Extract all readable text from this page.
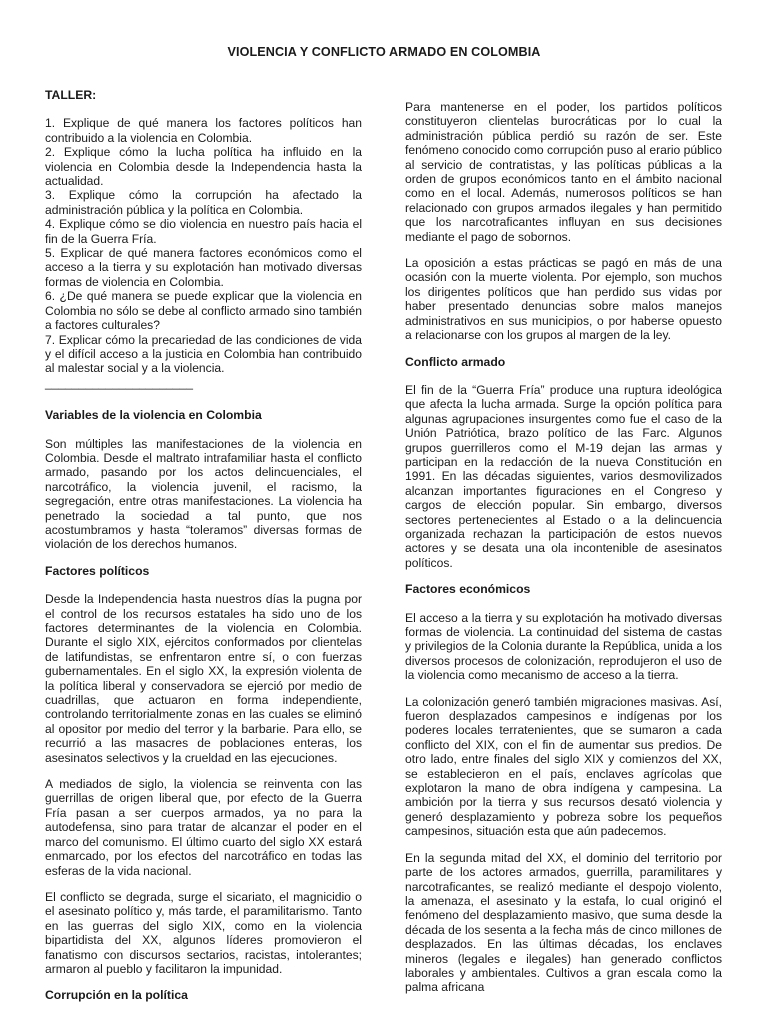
VIOLENCIA Y CONFLICTO ARMADO EN COLOMBIA
TALLER:
1. Explique de qué manera los factores políticos han contribuido a la violencia en Colombia.
2. Explique cómo la lucha política ha influido en la violencia en Colombia desde la Independencia hasta la actualidad.
3. Explique cómo la corrupción ha afectado la administración pública y la política en Colombia.
4. Explique cómo se dio violencia en nuestro país hacia el fin de la Guerra Fría.
5. Explicar de qué manera factores económicos como el acceso a la tierra y su explotación han motivado diversas formas de violencia en Colombia.
6. ¿De qué manera se puede explicar que la violencia en Colombia no sólo se debe al conflicto armado sino también a factores culturales?
7. Explicar cómo la precariedad de las condiciones de vida y el difícil acceso a la justicia en Colombia han contribuido al malestar social y a la violencia.
______________________
Variables de la violencia en Colombia

Son múltiples las manifestaciones de la violencia en Colombia. Desde el maltrato intrafamiliar hasta el conflicto armado, pasando por los actos delincuenciales, el narcotráfico, la violencia juvenil, el racismo, la segregación, entre otras manifestaciones. La violencia ha penetrado la sociedad a tal punto, que nos acostumbramos y hasta “toleramos” diversas formas de violación de los derechos humanos.

Factores políticos

Desde la Independencia hasta nuestros días la pugna por el control de los recursos estatales ha sido uno de los factores determinantes de la violencia en Colombia. Durante el siglo XIX, ejércitos conformados por clientelas de latifundistas, se enfrentaron entre sí, o con fuerzas gubernamentales. En el siglo XX, la expresión violenta de la política liberal y conservadora se ejerció por medio de cuadrillas, que actuaron en forma independiente, controlando territorialmente zonas en las cuales se eliminó al opositor por medio del terror y la barbarie. Para ello, se recurrió a las masacres de poblaciones enteras, los asesinatos selectivos y la crueldad en las ejecuciones.

A mediados de siglo, la violencia se reinventa con las guerrillas de origen liberal que, por efecto de la Guerra Fría pasan a ser cuerpos armados, ya no para la autodefensa, sino para tratar de alcanzar el poder en el marco del comunismo. El último cuarto del siglo XX estará enmarcado, por los efectos del narcotráfico en todas las esferas de la vida nacional.

El conflicto se degrada, surge el sicariato, el magnicidio o el asesinato político y, más tarde, el paramilitarismo. Tanto en las guerras del siglo XIX, como en la violencia bipartidista del XX, algunos líderes promovieron el fanatismo con discursos sectarios, racistas, intolerantes; armaron al pueblo y facilitaron la impunidad.

Corrupción en la política

Para mantenerse en el poder, los partidos políticos constituyeron clientelas burocráticas por lo cual la administración pública perdió su razón de ser. Este fenómeno conocido como corrupción puso al erario público al servicio de contratistas, y las políticas públicas a la orden de grupos económicos tanto en el ámbito nacional como en el local. Además, numerosos políticos se han relacionado con grupos armados ilegales y han permitido que los narcotraficantes influyan en sus decisiones mediante el pago de sobornos.

La oposición a estas prácticas se pagó en más de una ocasión con la muerte violenta. Por ejemplo, son muchos los dirigentes políticos que han perdido sus vidas por haber presentado denuncias sobre malos manejos administrativos en sus municipios, o por haberse opuesto a relacionarse con los grupos al margen de la ley.

Conflicto armado

El fin de la “Guerra Fría” produce una ruptura ideológica que afecta la lucha armada. Surge la opción política para algunas agrupaciones insurgentes como fue el caso de la Unión Patriótica, brazo político de las Farc. Algunos grupos guerrilleros como el M-19 dejan las armas y participan en la redacción de la nueva Constitución en 1991. En las décadas siguientes, varios desmovilizados alcanzan importantes figuraciones en el Congreso y cargos de elección popular. Sin embargo, diversos sectores pertenecientes al Estado o a la delincuencia organizada rechazan la participación de estos nuevos actores y se desata una ola incontenible de asesinatos políticos.

Factores económicos

El acceso a la tierra y su explotación ha motivado diversas formas de violencia. La continuidad del sistema de castas y privilegios de la Colonia durante la República, unida a los diversos procesos de colonización, reprodujeron el uso de la violencia como mecanismo de acceso a la tierra.

La colonización generó también migraciones masivas. Así, fueron desplazados campesinos e indígenas por los poderes locales terratenientes, que se sumaron a cada conflicto del XIX, con el fin de aumentar sus predios. De otro lado, entre finales del siglo XIX y comienzos del XX, se establecieron en el país, enclaves agrícolas que explotaron la mano de obra indígena y campesina. La ambición por la tierra y sus recursos desató violencia y generó desplazamiento y pobreza sobre los pequeños campesinos, situación esta que aún padecemos.

En la segunda mitad del XX, el dominio del territorio por parte de los actores armados, guerrilla, paramilitares y narcotraficantes, se realizó mediante el despojo violento, la amenaza, el asesinato y la estafa, lo cual originó el fenómeno del desplazamiento masivo, que suma desde la década de los sesenta a la fecha más de cinco millones de desplazados. En las últimas décadas, los enclaves mineros (legales e ilegales) han generado conflictos laborales y ambientales. Cultivos a gran escala como la palma africana
